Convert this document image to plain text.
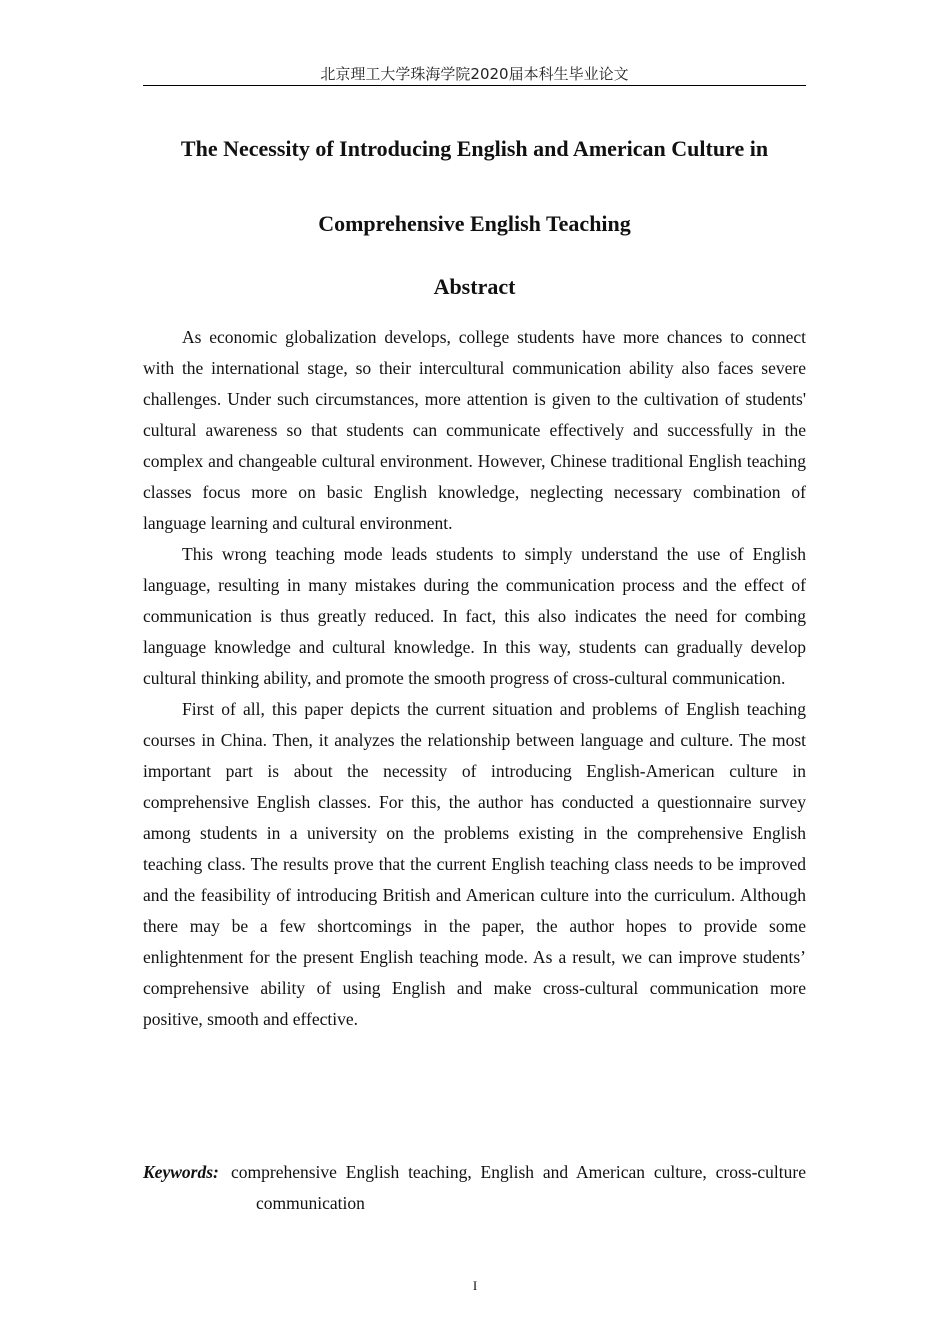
北京理工大学珠海学院2020届本科生毕业论文
The Necessity of Introducing English and American Culture in
Comprehensive English Teaching
Abstract

As economic globalization develops, college students have more chances to connect with the international stage, so their intercultural communication ability also faces severe challenges. Under such circumstances, more attention is given to the cultivation of students' cultural awareness so that students can communicate effectively and successfully in the complex and changeable cultural environment. However, Chinese traditional English teaching classes focus more on basic English knowledge, neglecting necessary combination of language learning and cultural environment.

This wrong teaching mode leads students to simply understand the use of English language, resulting in many mistakes during the communication process and the effect of communication is thus greatly reduced. In fact, this also indicates the need for combing language knowledge and cultural knowledge. In this way, students can gradually develop cultural thinking ability, and promote the smooth progress of cross-cultural communication.

First of all, this paper depicts the current situation and problems of English teaching courses in China. Then, it analyzes the relationship between language and culture. The most important part is about the necessity of introducing English-American culture in comprehensive English classes. For this, the author has conducted a questionnaire survey among students in a university on the problems existing in the comprehensive English teaching class. The results prove that the current English teaching class needs to be improved and the feasibility of introducing British and American culture into the curriculum. Although there may be a few shortcomings in the paper, the author hopes to provide some enlightenment for the present English teaching mode. As a result, we can improve students’ comprehensive ability of using English and make cross-cultural communication more positive, smooth and effective.

Keywords: comprehensive English teaching, English and American culture, cross-culture communication
I
